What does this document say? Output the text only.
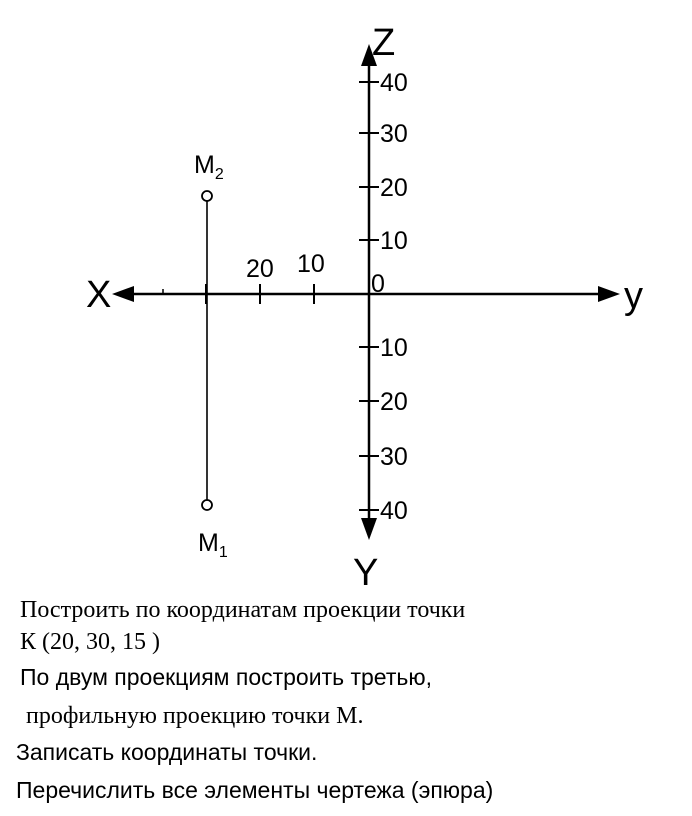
X	y
Z
Y
0
20 10
40
30
20
10
10
20
30
40
$M_2$
$M_1$
Построить по координатам проекции точки
К (20, 30, 15 )
По двум проекциям построить третью,
профильную проекцию точки М.
Записать координаты точки.
Перечислить все элементы чертежа (эпюра)
